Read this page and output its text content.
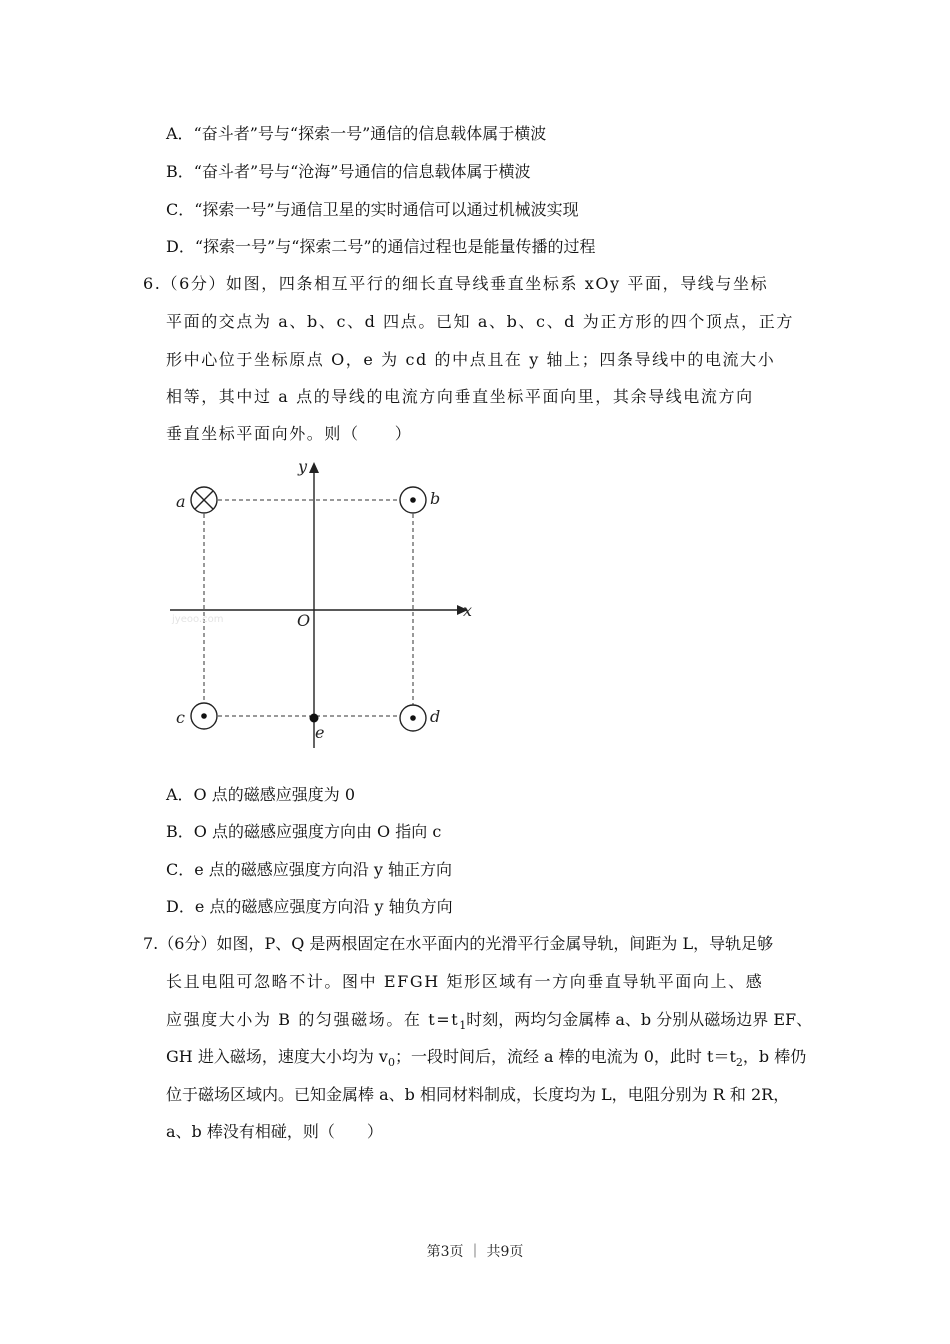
A．“奋斗者”号与“探索一号”通信的信息载体属于横波
B．“奋斗者”号与“沧海”号通信的信息载体属于横波
C．“探索一号”与通信卫星的实时通信可以通过机械波实现
D．“探索一号”与“探索二号”的通信过程也是能量传播的过程
6.（6分）如图，四条相互平行的细长直导线垂直坐标系 xOy 平面，导线与坐标
平面的交点为 a、b、c、d 四点。已知 a、b、c、d 为正方形的四个顶点，正方
形中心位于坐标原点 O，e 为 cd 的中点且在 y 轴上；四条导线中的电流大小
相等，其中过 a 点的导线的电流方向垂直坐标平面向里，其余导线电流方向
垂直坐标平面向外。则（　　）
y
x
O
a	b
c	d
e
jyeoo.com
A．O 点的磁感应强度为 0
B．O 点的磁感应强度方向由 O 指向 c
C．e 点的磁感应强度方向沿 y 轴正方向
D．e 点的磁感应强度方向沿 y 轴负方向
7.（6分）如图，P、Q 是两根固定在水平面内的光滑平行金属导轨，间距为 L，导轨足够
长且电阻可忽略不计。图中 EFGH 矩形区域有一方向垂直导轨平面向上、感
应强度大小为 B 的匀强磁场。在 $t=t_1$时刻，两均匀金属棒 a、b 分别从磁场边界 EF、
GH 进入磁场，速度大小均为 $v_0$；一段时间后，流经 a 棒的电流为 0，此时 $t=t_2$，b 棒仍
位于磁场区域内。已知金属棒 a、b 相同材料制成，长度均为 L，电阻分别为 R 和 2R，
a、b 棒没有相碰，则（　　）
第3页 ｜ 共9页
